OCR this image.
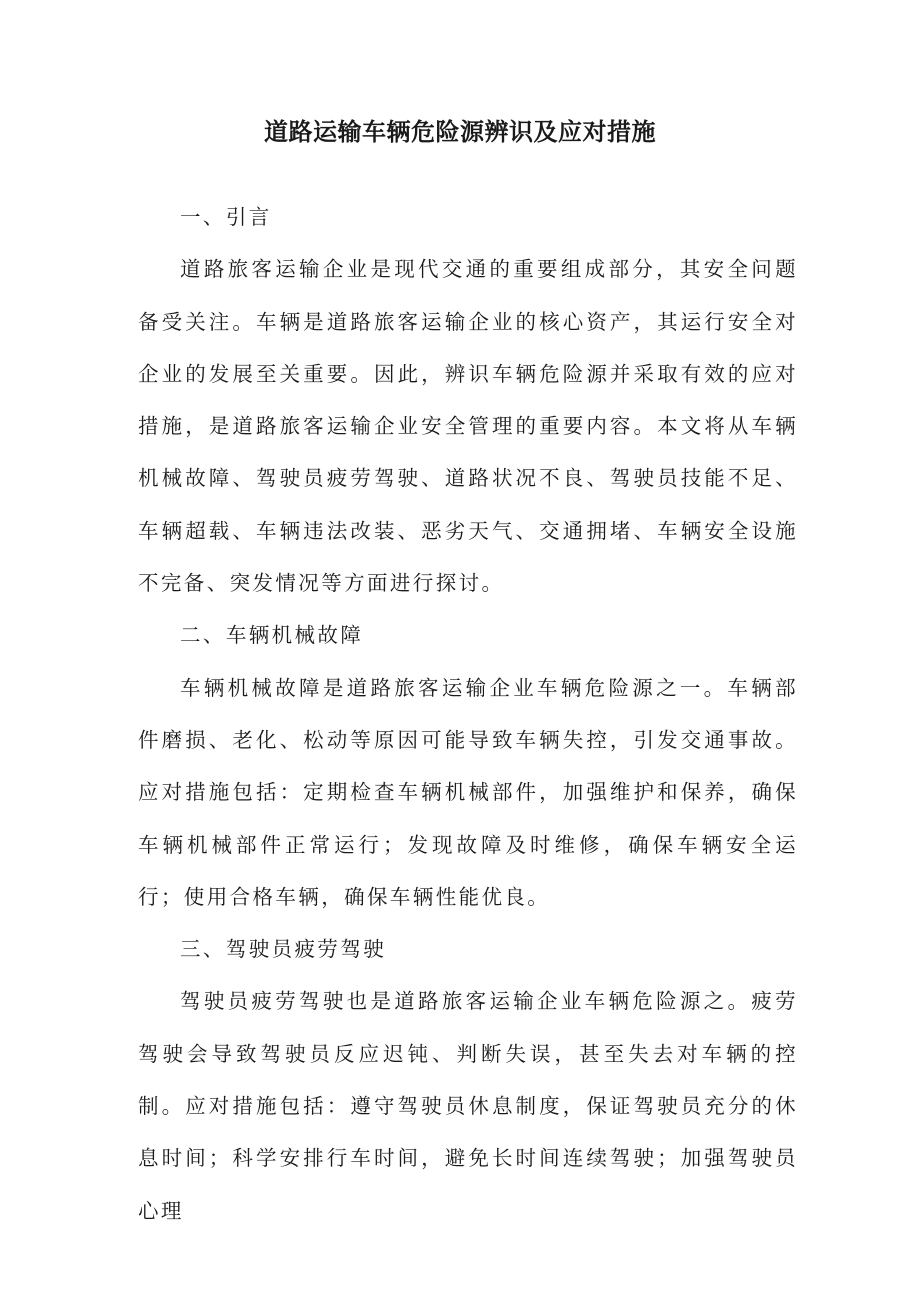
道路运输车辆危险源辨识及应对措施

一、引言

道路旅客运输企业是现代交通的重要组成部分，其安全问题备受关注。车辆是道路旅客运输企业的核心资产，其运行安全对企业的发展至关重要。因此，辨识车辆危险源并采取有效的应对措施，是道路旅客运输企业安全管理的重要内容。本文将从车辆机械故障、驾驶员疲劳驾驶、道路状况不良、驾驶员技能不足、车辆超载、车辆违法改装、恶劣天气、交通拥堵、车辆安全设施不完备、突发情况等方面进行探讨。

二、车辆机械故障

车辆机械故障是道路旅客运输企业车辆危险源之一。车辆部件磨损、老化、松动等原因可能导致车辆失控，引发交通事故。应对措施包括：定期检查车辆机械部件，加强维护和保养，确保车辆机械部件正常运行；发现故障及时维修，确保车辆安全运行；使用合格车辆，确保车辆性能优良。

三、驾驶员疲劳驾驶

驾驶员疲劳驾驶也是道路旅客运输企业车辆危险源之。疲劳驾驶会导致驾驶员反应迟钝、判断失误，甚至失去对车辆的控制。应对措施包括：遵守驾驶员休息制度，保证驾驶员充分的休息时间；科学安排行车时间，避免长时间连续驾驶；加强驾驶员心理
